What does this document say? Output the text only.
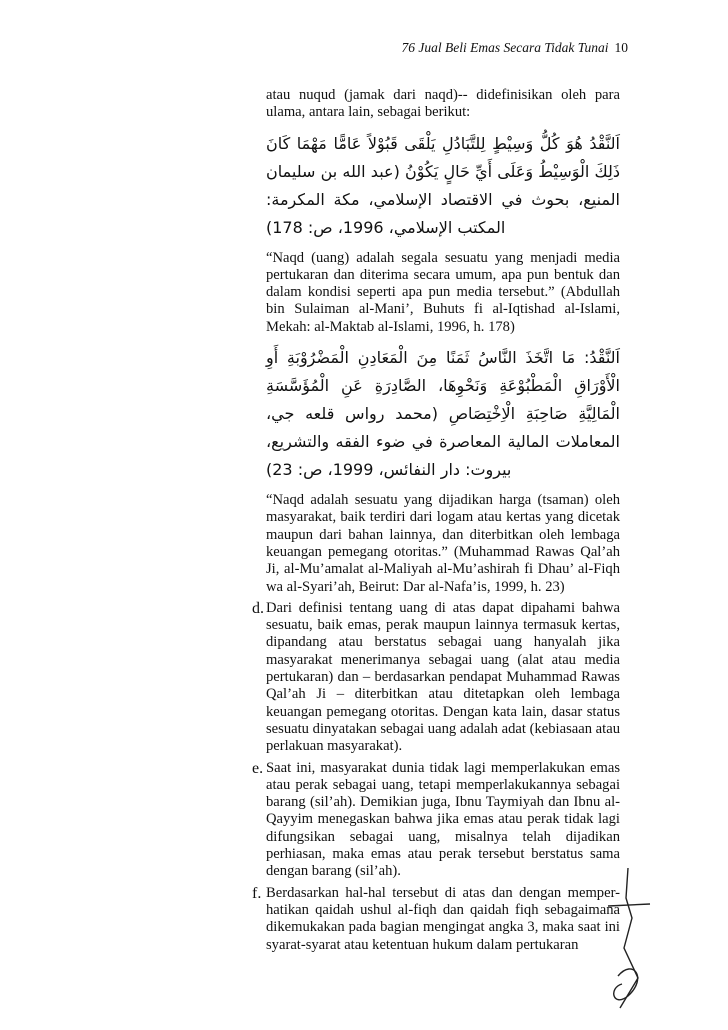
76 Jual Beli Emas Secara Tidak Tunai 10

atau nuqud (jamak dari naqd)-- didefinisikan oleh para ulama, antara lain, sebagai berikut:

اَلنَّقْدُ هُوَ كُلُّ وَسِيْطٍ لِلتَّبَادُلِ يَلْقَى قَبُوْلاً عَامًّا مَهْمَا كَانَ ذَلِكَ الْوَسِيْطُ وَعَلَى أَيِّ حَالٍ يَكُوْنُ (عبد الله بن سليمان المنيع، بحوث في الاقتصاد الإسلامي، مكة المكرمة: المكتب الإسلامي، 1996، ص: 178)

“Naqd (uang) adalah segala sesuatu yang menjadi media pertukaran dan diterima secara umum, apa pun bentuk dan dalam kondisi seperti apa pun media tersebut.” (Abdullah bin Sulaiman al-Mani’, Buhuts fi al-Iqtishad al-Islami, Mekah: al-Maktab al-Islami, 1996, h. 178)

اَلنَّقْدُ: مَا اتَّخَذَ النَّاسُ ثَمَنًا مِنَ الْمَعَادِنِ الْمَضْرُوْبَةِ أَوِ الْأَوْرَاقِ الْمَطْبُوْعَةِ وَنَحْوِهَا، الصَّادِرَةِ عَنِ الْمُؤَسَّسَةِ الْمَالِيَّةِ صَاحِبَةِ الْاِخْتِصَاصِ (محمد رواس قلعه جي، المعاملات المالية المعاصرة في ضوء الفقه والتشريع، بيروت: دار النفائس، 1999، ص: 23)

“Naqd adalah sesuatu yang dijadikan harga (tsaman) oleh masyarakat, baik terdiri dari logam atau kertas yang dicetak maupun dari bahan lainnya, dan diterbitkan oleh lembaga keuangan pemegang otoritas.” (Muhammad Rawas Qal’ah Ji, al-Mu’amalat al-Maliyah al-Mu’ashirah fi Dhau’ al-Fiqh wa al-Syari’ah, Beirut: Dar al-Nafa’is, 1999, h. 23)

d. Dari definisi tentang uang di atas dapat dipahami bahwa sesuatu, baik emas, perak maupun lainnya termasuk kertas, dipandang atau berstatus sebagai uang hanyalah jika masyarakat menerimanya sebagai uang (alat atau media pertukaran) dan – berdasarkan pendapat Muhammad Rawas Qal’ah Ji – diterbitkan atau ditetapkan oleh lembaga keuangan pemegang otoritas. Dengan kata lain, dasar status sesuatu dinyatakan sebagai uang adalah adat (kebiasaan atau perlakuan masyarakat).

e. Saat ini, masyarakat dunia tidak lagi memperlakukan emas atau perak sebagai uang, tetapi memperlakukannya sebagai barang (sil’ah). Demikian juga, Ibnu Taymiyah dan Ibnu al-Qayyim menegaskan bahwa jika emas atau perak tidak lagi difungsikan sebagai uang, misalnya telah dijadikan perhiasan, maka emas atau perak tersebut berstatus sama dengan barang (sil’ah).

f. Berdasarkan hal-hal tersebut di atas dan dengan memper-hatikan qaidah ushul al-fiqh dan qaidah fiqh sebagaimana dikemukakan pada bagian mengingat angka 3, maka saat ini syarat-syarat atau ketentuan hukum dalam pertukaran
